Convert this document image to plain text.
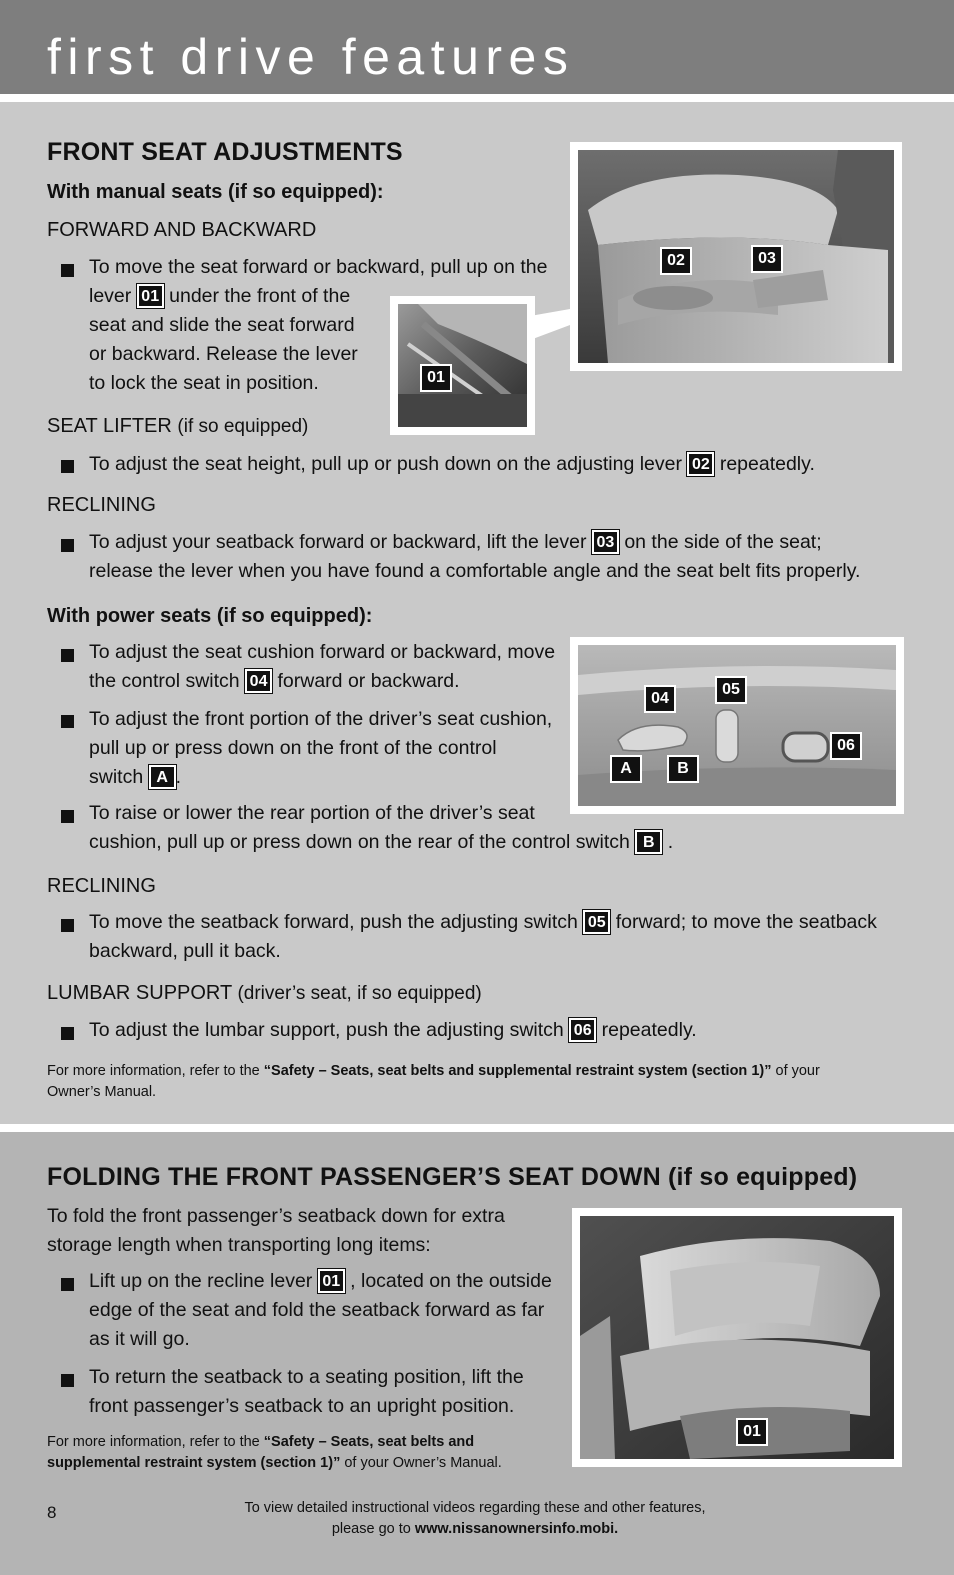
first drive features
FRONT SEAT ADJUSTMENTS
With manual seats (if so equipped):
FORWARD AND BACKWARD
To move the seat forward or backward, pull up on the
lever 01 under the front of the
seat and slide the seat forward
or backward. Release the lever
to lock the seat in position.	01
02	03
SEAT LIFTER (if so equipped)
To adjust the seat height, pull up or push down on the adjusting lever 02 repeatedly.
RECLINING
To adjust your seatback forward or backward, lift the lever 03 on the side of the seat;
release the lever when you have found a comfortable angle and the seat belt fits properly.
With power seats (if so equipped):
To adjust the seat cushion forward or backward, move
the control switch 04 forward or backward.
To adjust the front portion of the driver’s seat cushion,
pull up or press down on the front of the control
switch A .
To raise or lower the rear portion of the driver’s seat
cushion, pull up or press down on the rear of the control switch B .
04
05
06
A	B
RECLINING
To move the seatback forward, push the adjusting switch 05 forward; to move the seatback
backward, pull it back.
LUMBAR SUPPORT (driver’s seat, if so equipped)
To adjust the lumbar support, push the adjusting switch 06 repeatedly.
For more information, refer to the “Safety – Seats, seat belts and supplemental restraint system (section 1)” of your
Owner’s Manual.
FOLDING THE FRONT PASSENGER’S SEAT DOWN (if so equipped)
To fold the front passenger’s seatback down for extra
storage length when transporting long items:
Lift up on the recline lever 01 , located on the outside
edge of the seat and fold the seatback forward as far
as it will go.
To return the seatback to a seating position, lift the
front passenger’s seatback to an upright position.
For more information, refer to the “Safety – Seats, seat belts and
supplemental restraint system (section 1)” of your Owner’s Manual.
01
8	To view detailed instructional videos regarding these and other features,
please go to www.nissanownersinfo.mobi.
